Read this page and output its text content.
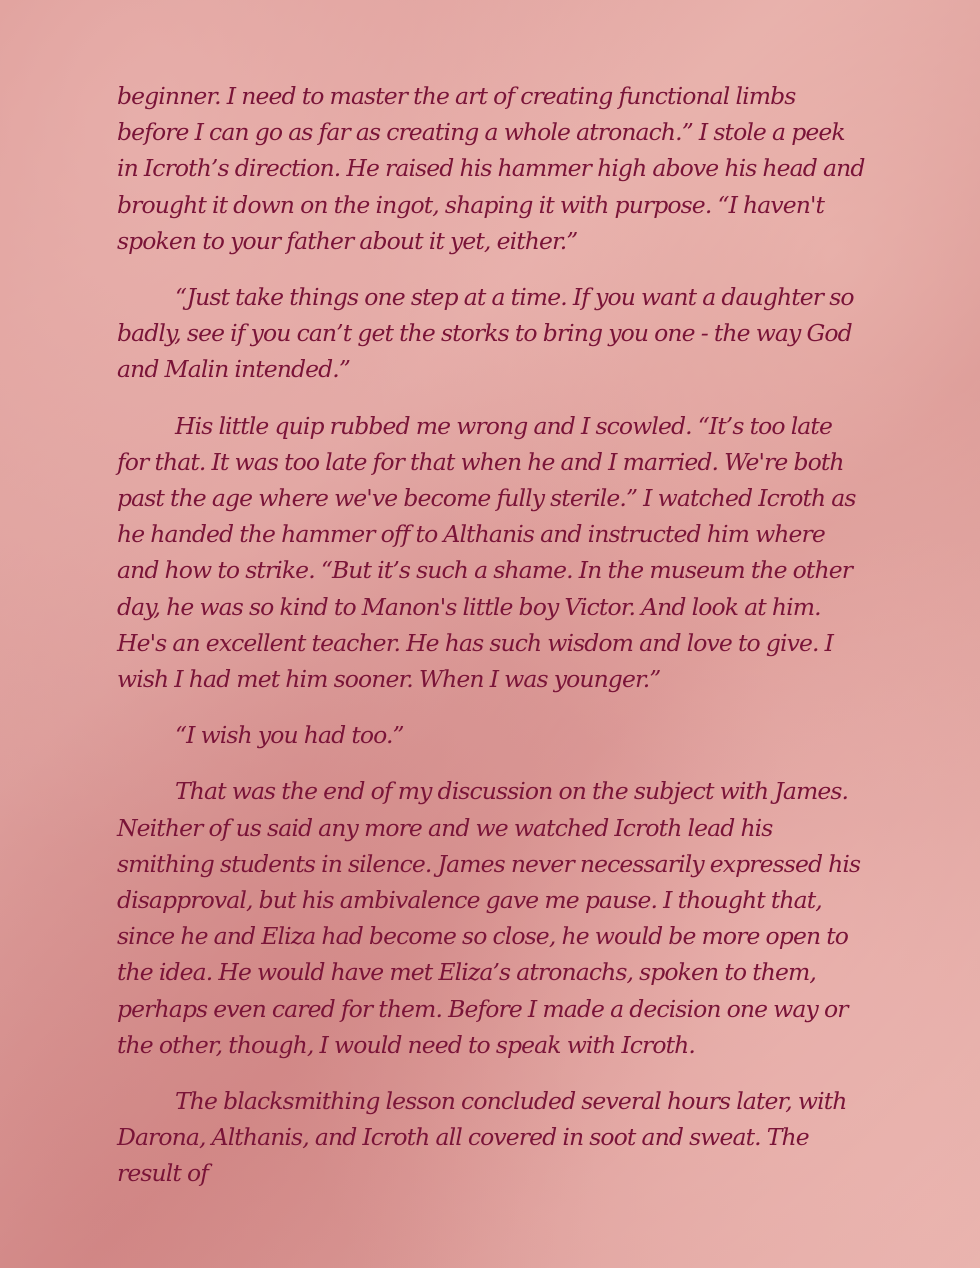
beginner. I need to master the art of creating functional limbs before I can go as far as creating a whole atronach.” I stole a peek in Icroth’s direction. He raised his hammer high above his head and brought it down on the ingot, shaping it with purpose. “I haven't spoken to your father about it yet, either.”

“Just take things one step at a time. If you want a daughter so badly, see if you can’t get the storks to bring you one - the way God and Malin intended.”

His little quip rubbed me wrong and I scowled. “It’s too late for that. It was too late for that when he and I married. We're both past the age where we've become fully sterile.” I watched Icroth as he handed the hammer off to Althanis and instructed him where and how to strike. “But it’s such a shame. In the museum the other day, he was so kind to Manon's little boy Victor. And look at him. He's an excellent teacher. He has such wisdom and love to give. I wish I had met him sooner. When I was younger.”

“I wish you had too.”

That was the end of my discussion on the subject with James. Neither of us said any more and we watched Icroth lead his smithing students in silence. James never necessarily expressed his disapproval, but his ambivalence gave me pause. I thought that, since he and Eliza had become so close, he would be more open to the idea. He would have met Eliza’s atronachs, spoken to them, perhaps even cared for them. Before I made a decision one way or the other, though, I would need to speak with Icroth.

The blacksmithing lesson concluded several hours later, with Darona, Althanis, and Icroth all covered in soot and sweat. The result of
